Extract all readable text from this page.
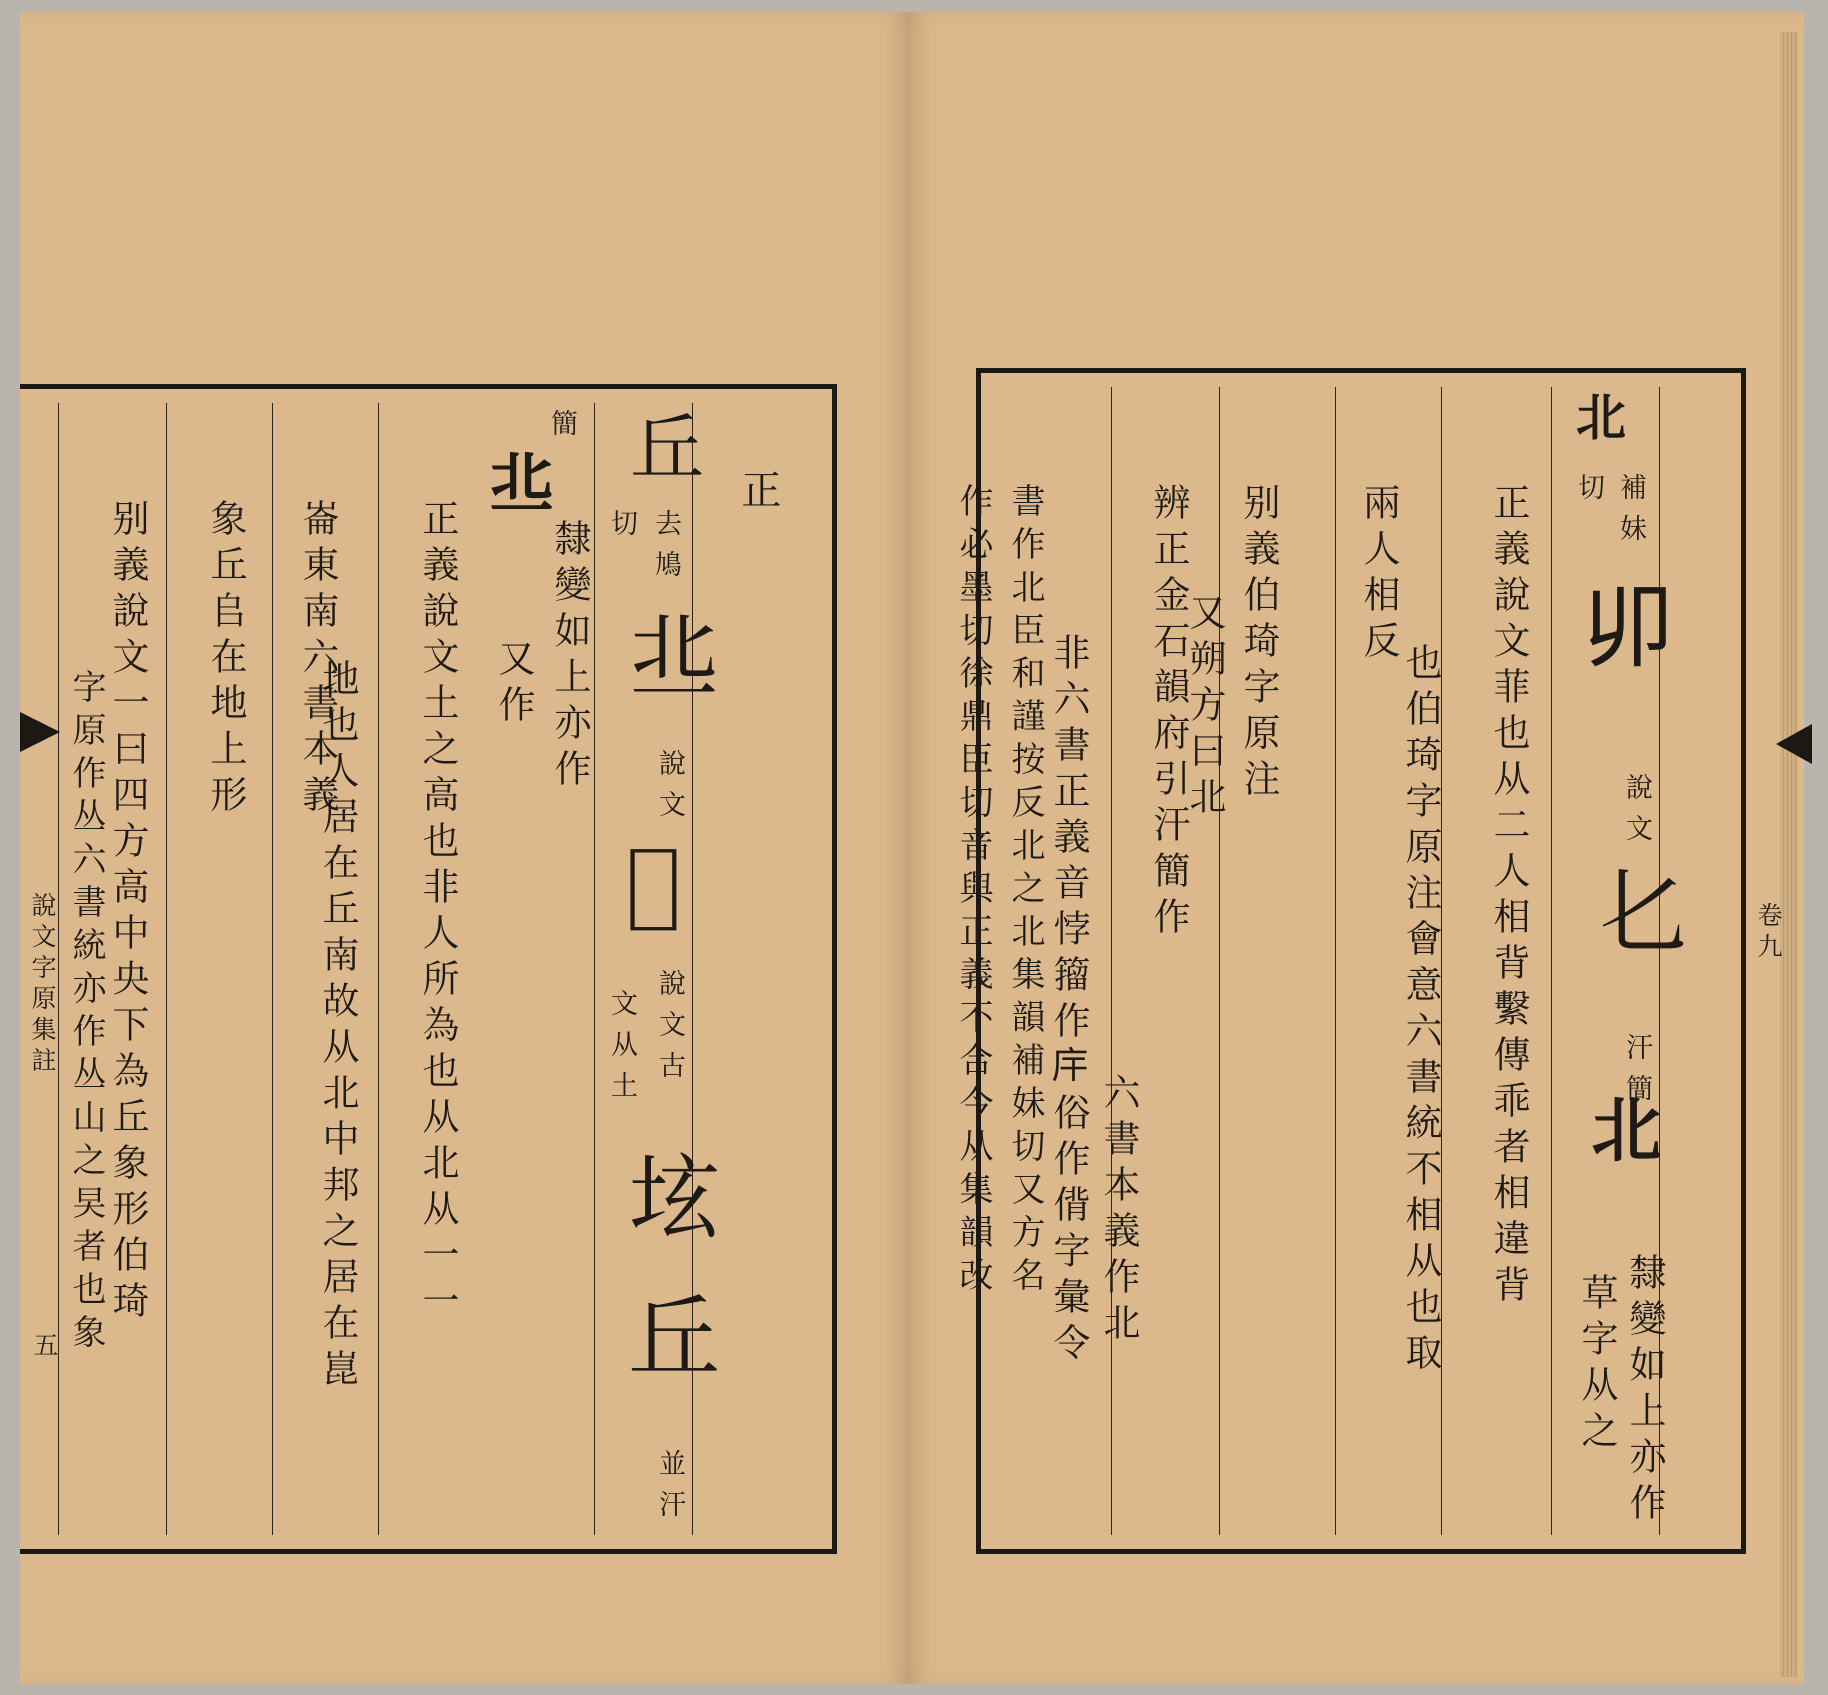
正
丘
去鳩
切
丠
說文
𡊧
說文古
文从土
𡊨
丘
並汗
簡
丠
隸變如上亦作
又作
正義說文土之高也非人所為也从北从一一
地也人居在丘南故从北中邦之居在崑
崙東南六書本義
象丘𠂤在地上形
别義說文一曰四方高中央下為丘象形伯琦
字原作丛六書統亦作丛山之旲者也象
說文字原集註
五
北
補妹
切
𠨍
說文
𠤎
汗簡
北
隸變如上亦作
草字从之
正義說文菲也从二人相背繫傳乖者相違背
也伯琦字原注會意六書統不相从也取
兩人相反
别義伯琦字原注
又朔方曰北
辨正金石韻府引汗簡作
六書本義作北
非六書正義音悖籀作𢇛俗作偝字彙令
書作北臣和謹按反北之北集韻補妹切又方名
作必墨切徐鼎臣切音與正義不合今从集韻改	卷九
